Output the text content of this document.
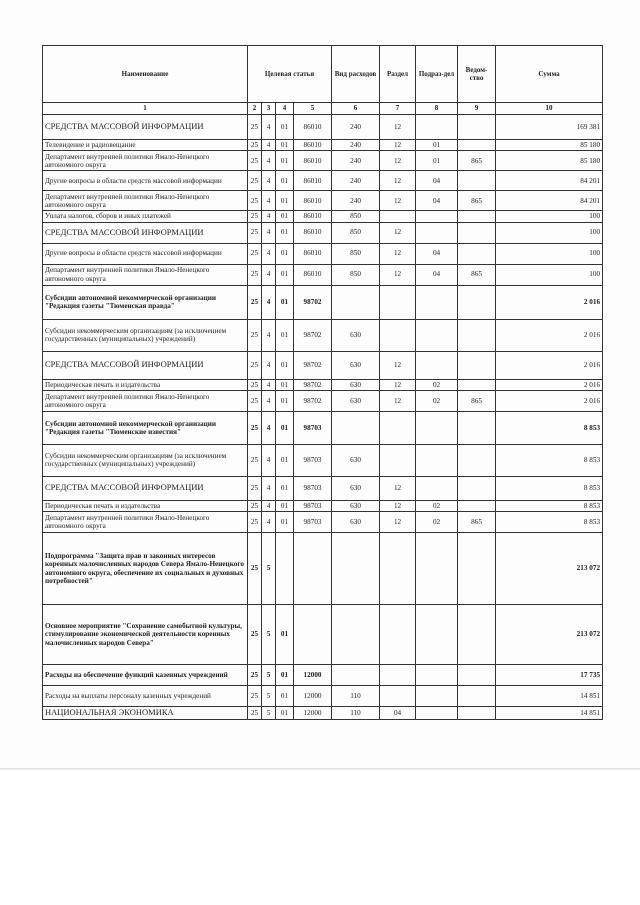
Наименование	Целевая статья				Вид расходов	Раздел	Подраз-дел	Ведом-ство	Сумма
1	2	3	4	5	6	7	8	9	10
СРЕДСТВА МАССОВОЙ ИНФОРМАЦИИ	25	4	01	86010	240	12			169 381
Телевидение и радиовещание	25	4	01	86010	240	12	01		85 180
Департамент внутренней политики Ямало-Ненецкого автономного округа	25	4	01	86010	240	12	01	865	85 180
Другие вопросы в области средств массовой информации	25	4	01	86010	240	12	04		84 201
Департамент внутренней политики Ямало-Ненецкого автономного округа	25	4	01	86010	240	12	04	865	84 201
Уплата налогов, сборов и иных платежей	25	4	01	86010	850				100
СРЕДСТВА МАССОВОЙ ИНФОРМАЦИИ	25	4	01	86010	850	12			100
Другие вопросы в области средств массовой информации	25	4	01	86010	850	12	04		100
Департамент внутренней политики Ямало-Ненецкого автономного округа	25	4	01	86010	850	12	04	865	100
Субсидии автономной некоммерческой организации "Редакция газеты "Тюменская правда"	25	4	01	98702					2 016
Субсидии некоммерческим организациям (за исключением государственных (муниципальных) учреждений)	25	4	01	98702	630				2 016
СРЕДСТВА МАССОВОЙ ИНФОРМАЦИИ	25	4	01	98702	630	12			2 016
Периодическая печать и издательства	25	4	01	98702	630	12	02		2 016
Департамент внутренней политики Ямало-Ненецкого автономного округа	25	4	01	98702	630	12	02	865	2 016
Субсидии автономной некоммерческой организации "Редакция газеты "Тюменские известия"	25	4	01	98703					8 853
Субсидии некоммерческим организациям (за исключением государственных (муниципальных) учреждений)	25	4	01	98703	630				8 853
СРЕДСТВА МАССОВОЙ ИНФОРМАЦИИ	25	4	01	98703	630	12			8 853
Периодическая печать и издательства	25	4	01	98703	630	12	02		8 853
Департамент внутренней политики Ямало-Ненецкого автономного округа	25	4	01	98703	630	12	02	865	8 853
Подпрограмма "Защита прав и законных интересов коренных малочисленных народов Севера Ямало-Ненецкого автономного округа, обеспечение их социальных и духовных потребностей"	25	5							213 072
Основное мероприятие "Сохранение самобытной культуры, стимулирование экономической деятельности коренных малочисленных народов Севера"	25	5	01						213 072
Расходы на обеспечение функций казенных учреждений	25	5	01	12000					17 735
Расходы на выплаты персоналу казенных учреждений	25	5	01	12000	110				14 851
НАЦИОНАЛЬНАЯ ЭКОНОМИКА	25	5	01	12000	110	04			14 851
